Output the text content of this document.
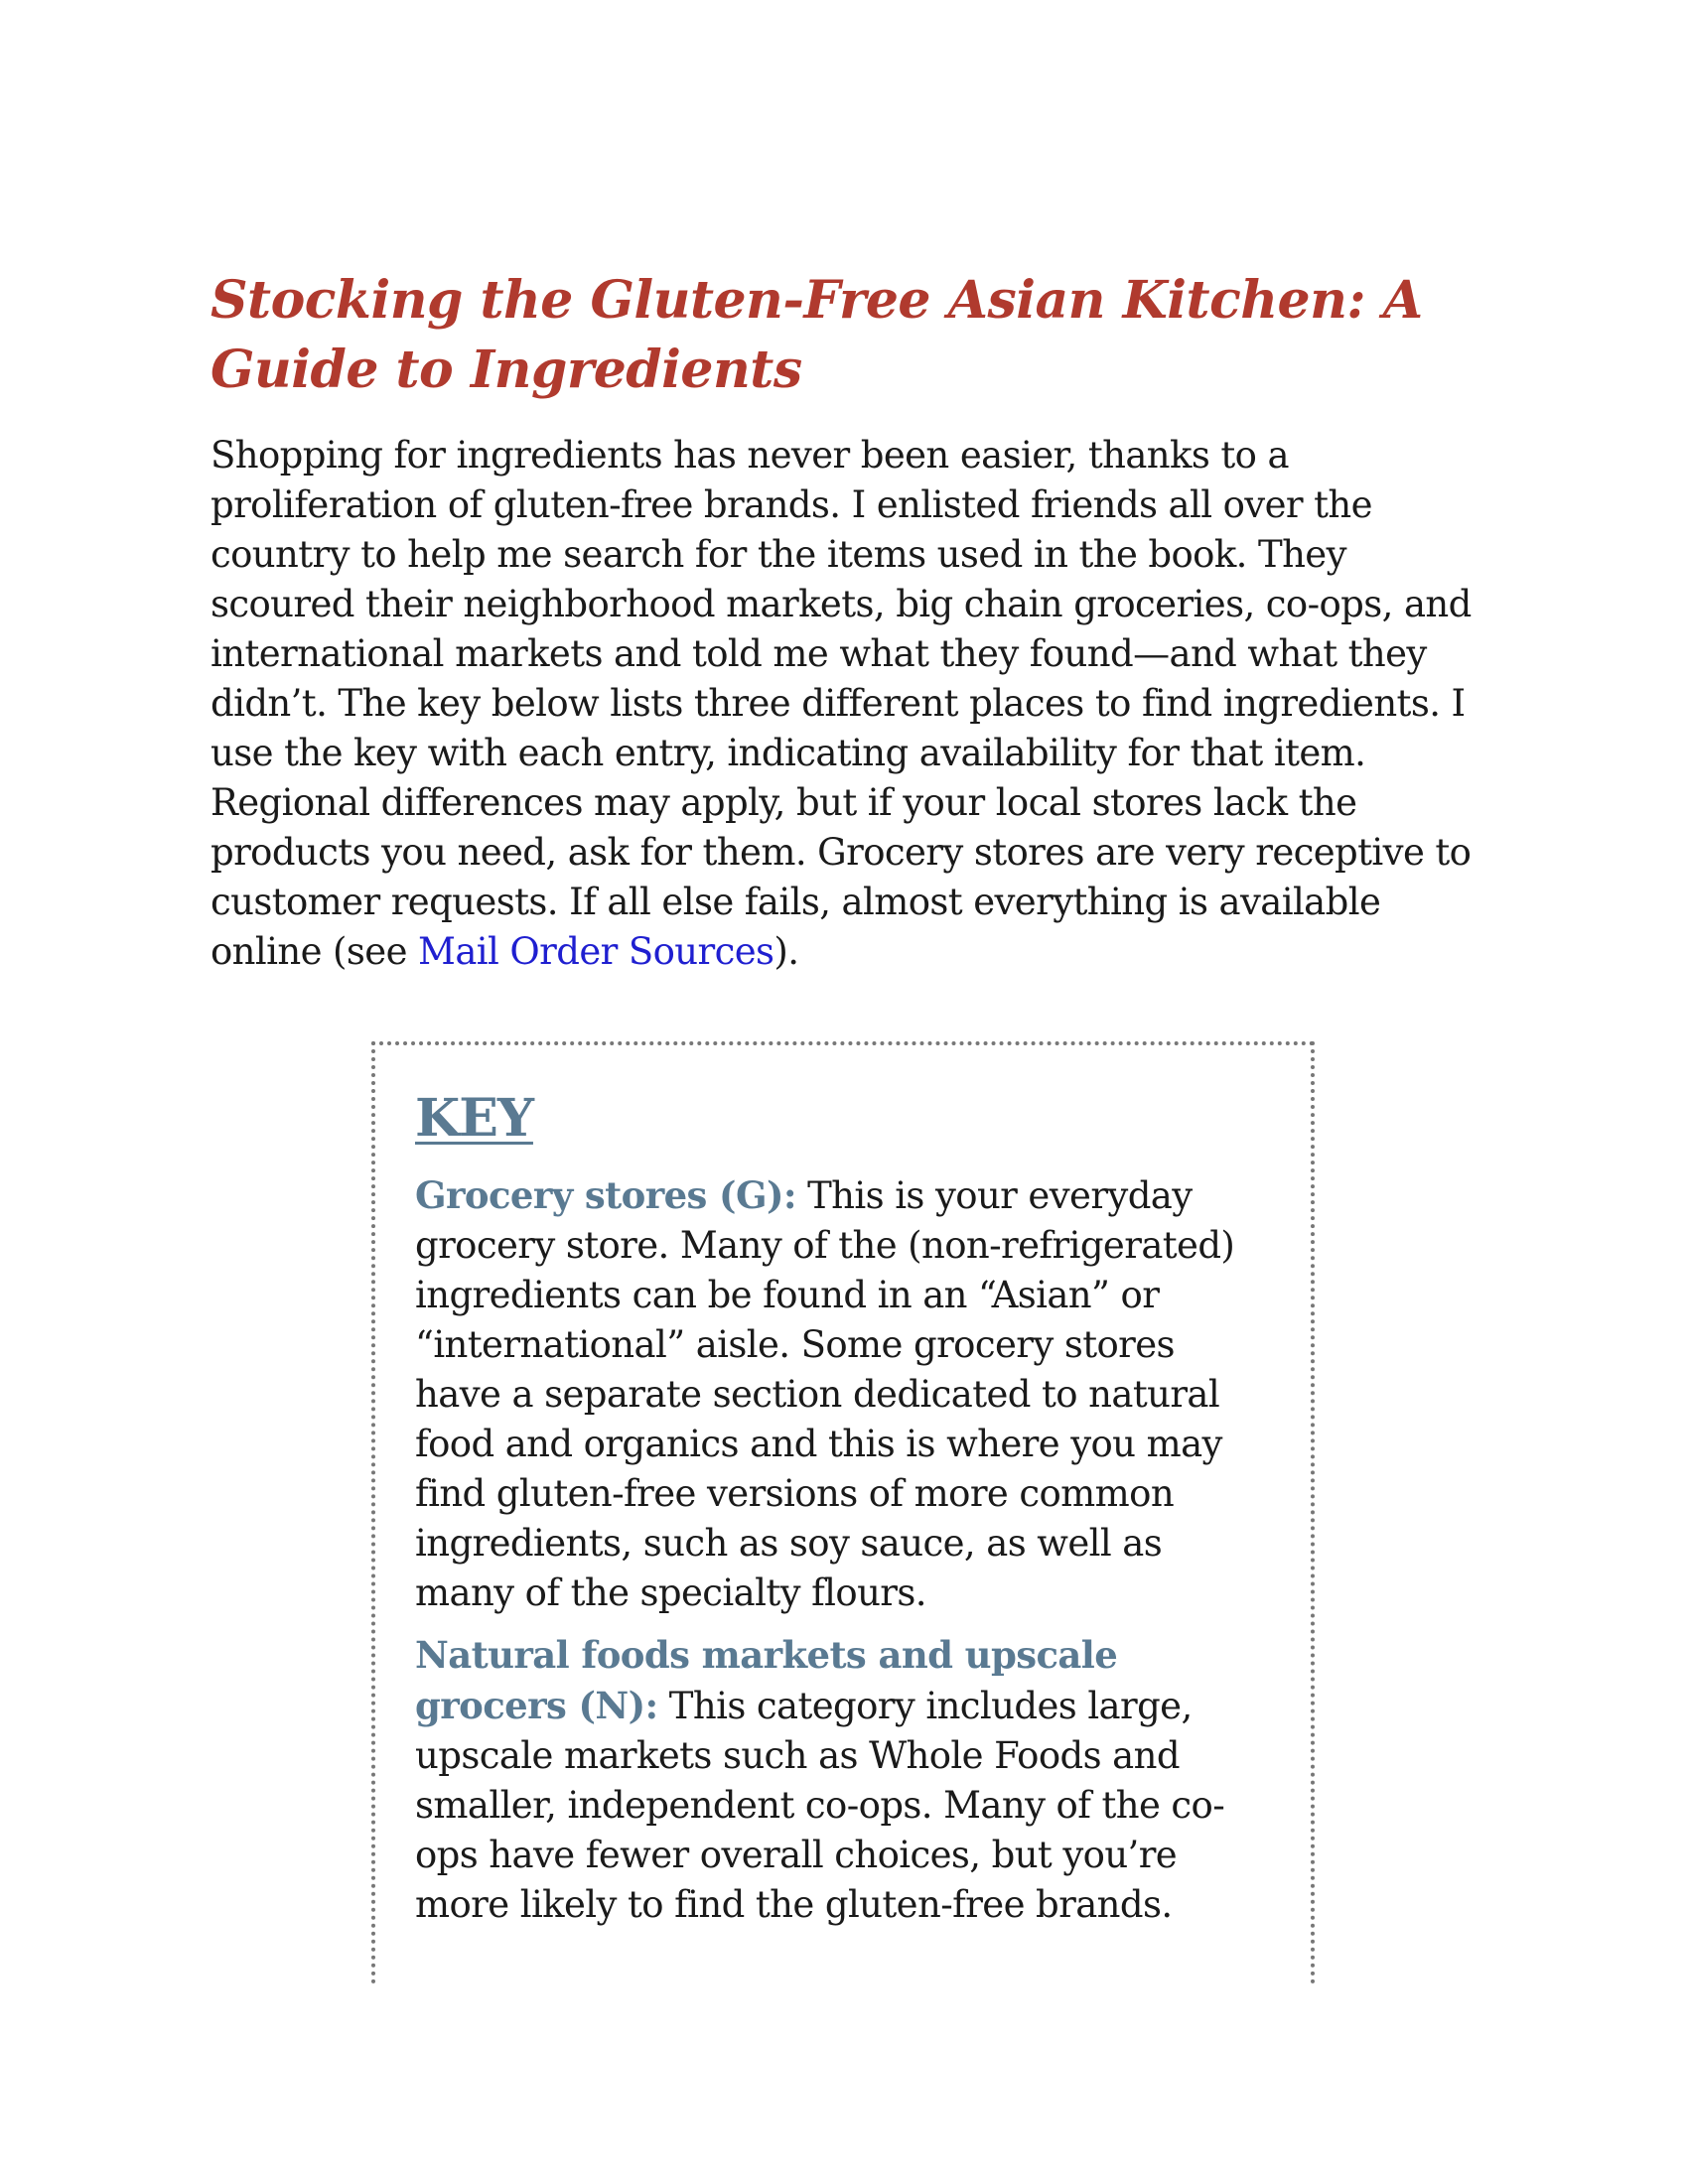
Stocking the Gluten-Free Asian Kitchen: A Guide to Ingredients

Shopping for ingredients has never been easier, thanks to a proliferation of gluten-free brands. I enlisted friends all over the country to help me search for the items used in the book. They scoured their neighborhood markets, big chain groceries, co-ops, and international markets and told me what they found—and what they didn’t. The key below lists three different places to find ingredients. I use the key with each entry, indicating availability for that item. Regional differences may apply, but if your local stores lack the products you need, ask for them. Grocery stores are very receptive to customer requests. If all else fails, almost everything is available online (see Mail Order Sources).

KEY

Grocery stores (G): This is your everyday grocery store. Many of the (non-refrigerated) ingredients can be found in an “Asian” or “international” aisle. Some grocery stores have a separate section dedicated to natural food and organics and this is where you may find gluten-free versions of more common ingredients, such as soy sauce, as well as many of the specialty flours.

Natural foods markets and upscale grocers (N): This category includes large, upscale markets such as Whole Foods and smaller, independent co-ops. Many of the co-ops have fewer overall choices, but you’re more likely to find the gluten-free brands.
